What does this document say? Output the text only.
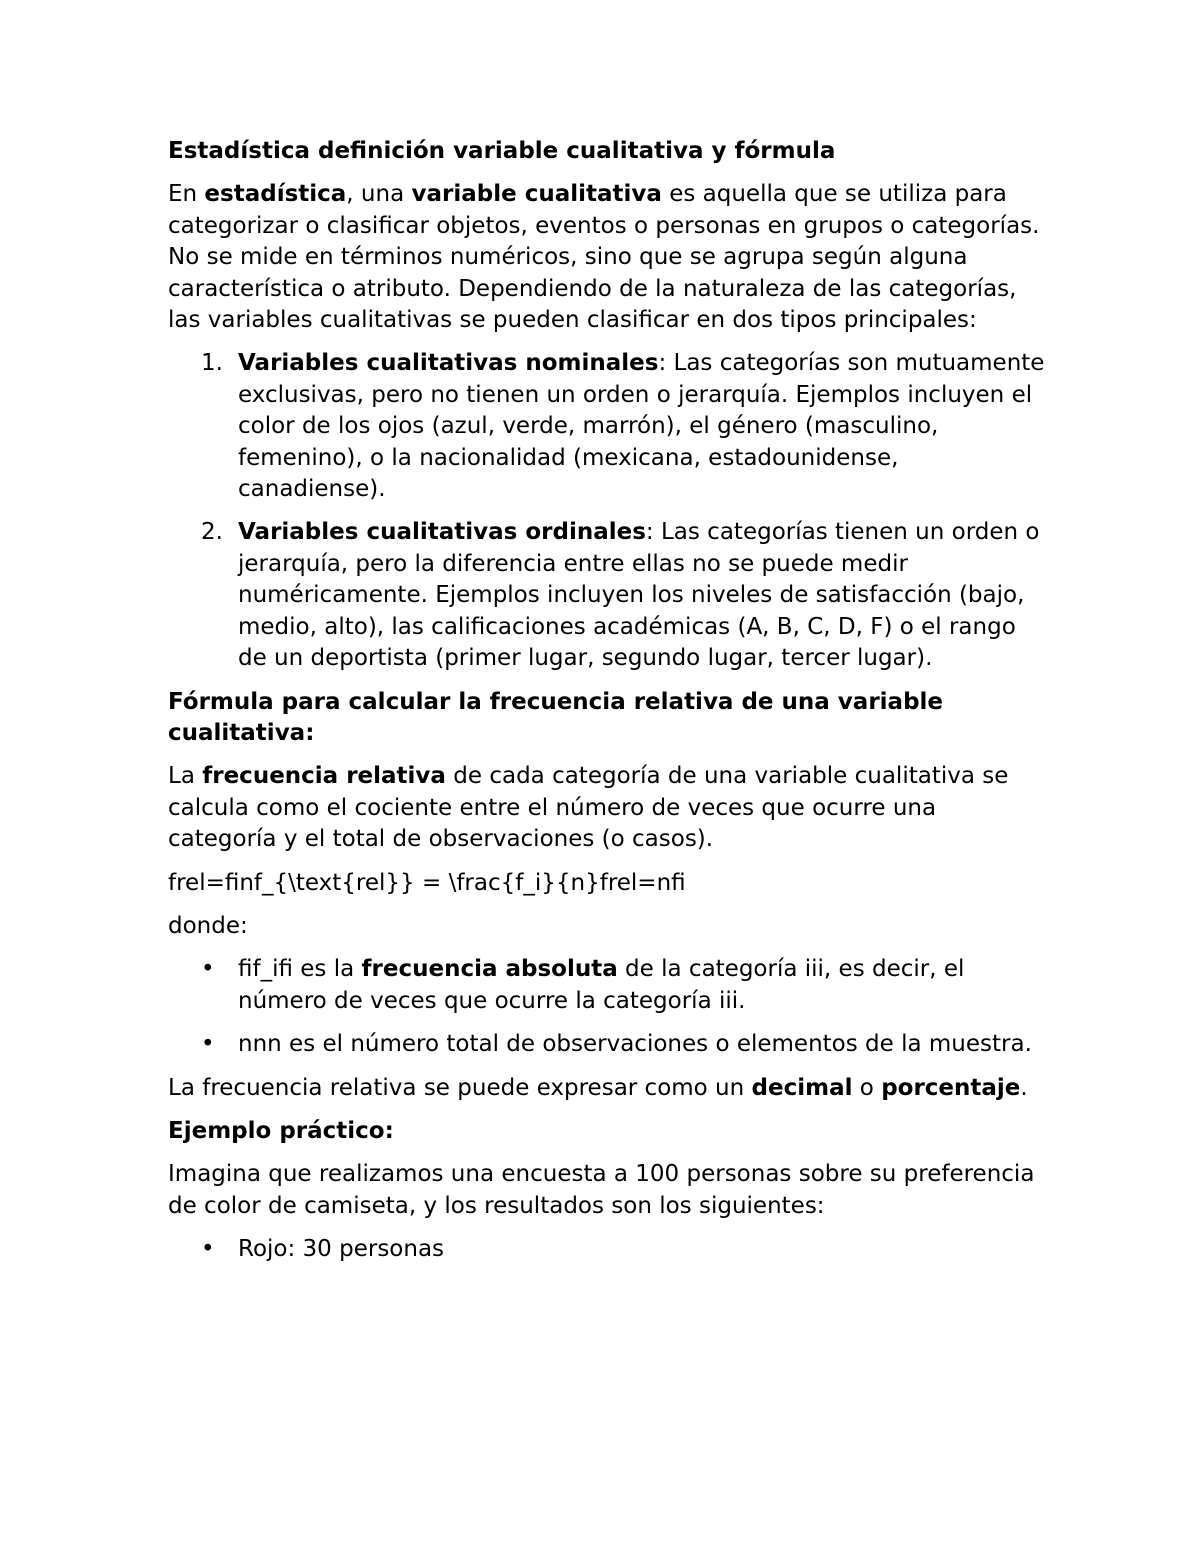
Estadística definición variable cualitativa y fórmula

En estadística, una variable cualitativa es aquella que se utiliza para categorizar o clasificar objetos, eventos o personas en grupos o categorías. No se mide en términos numéricos, sino que se agrupa según alguna característica o atributo. Dependiendo de la naturaleza de las categorías, las variables cualitativas se pueden clasificar en dos tipos principales:

1. Variables cualitativas nominales: Las categorías son mutuamente exclusivas, pero no tienen un orden o jerarquía. Ejemplos incluyen el color de los ojos (azul, verde, marrón), el género (masculino, femenino), o la nacionalidad (mexicana, estadounidense, canadiense).
2. Variables cualitativas ordinales: Las categorías tienen un orden o jerarquía, pero la diferencia entre ellas no se puede medir numéricamente. Ejemplos incluyen los niveles de satisfacción (bajo, medio, alto), las calificaciones académicas (A, B, C, D, F) o el rango de un deportista (primer lugar, segundo lugar, tercer lugar).

Fórmula para calcular la frecuencia relativa de una variable cualitativa:

La frecuencia relativa de cada categoría de una variable cualitativa se calcula como el cociente entre el número de veces que ocurre una categoría y el total de observaciones (o casos).

frel=finf_{\text{rel}} = \frac{f_i}{n}frel=nfi

donde:

• fif_ifi es la frecuencia absoluta de la categoría iii, es decir, el número de veces que ocurre la categoría iii.
• nnn es el número total de observaciones o elementos de la muestra.

La frecuencia relativa se puede expresar como un decimal o porcentaje.

Ejemplo práctico:

Imagina que realizamos una encuesta a 100 personas sobre su preferencia de color de camiseta, y los resultados son los siguientes:

• Rojo: 30 personas
